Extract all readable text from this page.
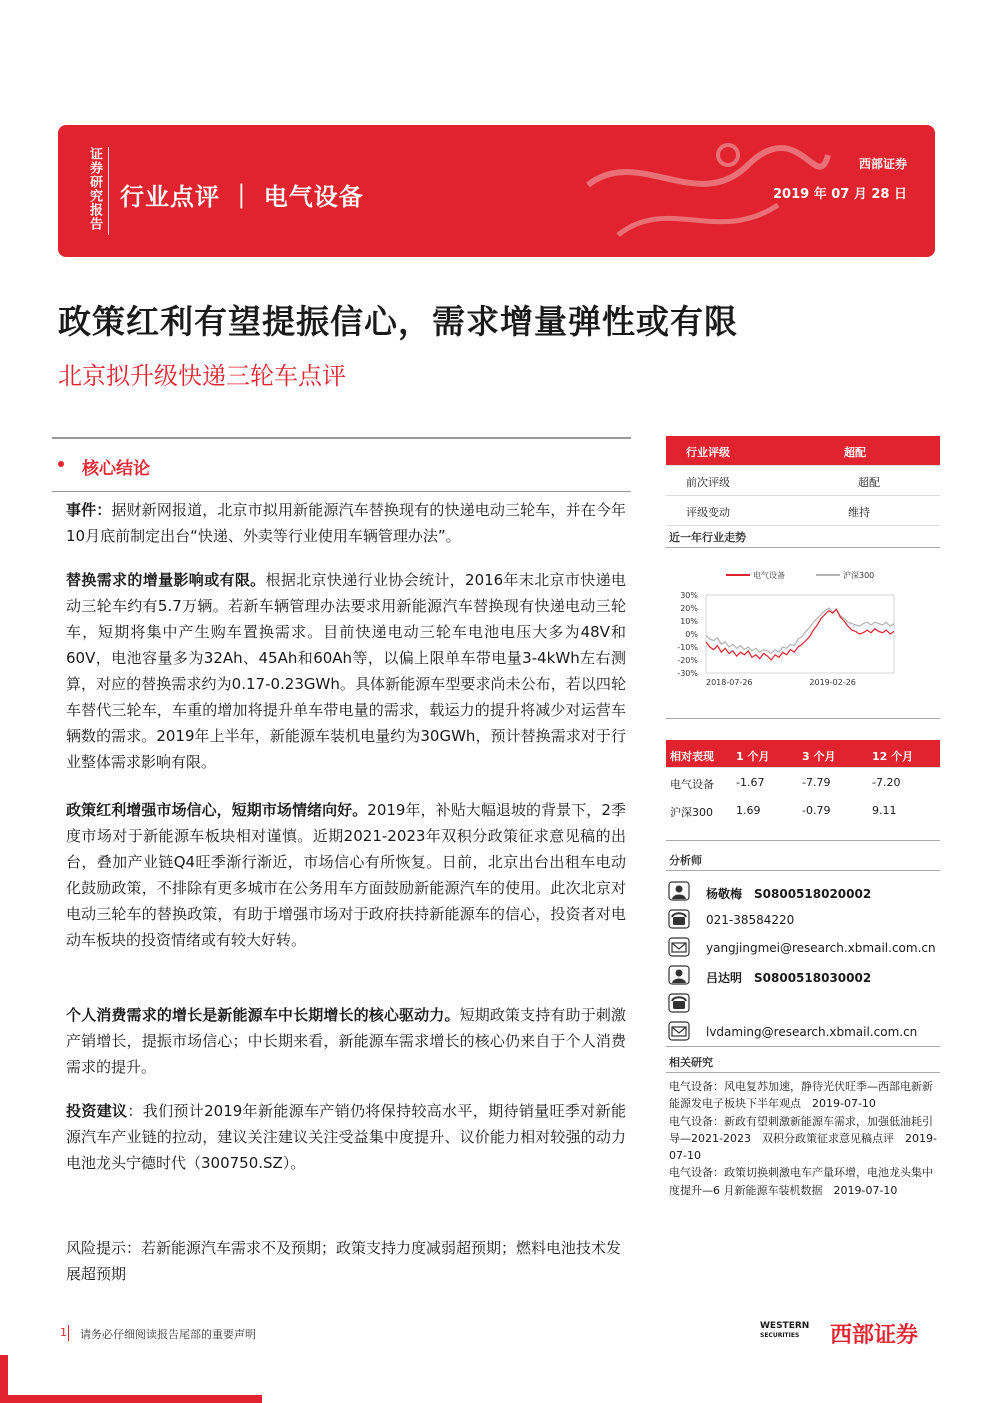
证券研究报告 行业点评 ｜ 电气设备
西部证券
2019 年 07 月 28 日
政策红利有望提振信心，需求增量弹性或有限
北京拟升级快递三轮车点评
核心结论
事件：据财新网报道，北京市拟用新能源汽车替换现有的快递电动三轮车，并在今年10月底前制定出台“快递、外卖等行业使用车辆管理办法”。
替换需求的增量影响或有限。根据北京快递行业协会统计，2016年末北京市快递电动三轮车约有5.7万辆。若新车辆管理办法要求用新能源汽车替换现有快递电动三轮车，短期将集中产生购车置换需求。目前快递电动三轮车电池电压大多为48V和60V，电池容量多为32Ah、45Ah和60Ah等，以偏上限单车带电量3-4kWh左右测算，对应的替换需求约为0.17-0.23GWh。具体新能源车型要求尚未公布，若以四轮车替代三轮车，车重的增加将提升单车带电量的需求，载运力的提升将减少对运营车辆数的需求。2019年上半年，新能源车装机电量约为30GWh，预计替换需求对于行业整体需求影响有限。
政策红利增强市场信心，短期市场情绪向好。2019年，补贴大幅退坡的背景下，2季度市场对于新能源车板块相对谨慎。近期2021-2023年双积分政策征求意见稿的出台，叠加产业链Q4旺季渐行渐近，市场信心有所恢复。日前，北京出台出租车电动化鼓励政策，不排除有更多城市在公务用车方面鼓励新能源汽车的使用。此次北京对电动三轮车的替换政策，有助于增强市场对于政府扶持新能源车的信心，投资者对电动车板块的投资情绪或有较大好转。
个人消费需求的增长是新能源车中长期增长的核心驱动力。短期政策支持有助于刺激产销增长，提振市场信心；中长期来看，新能源车需求增长的核心仍来自于个人消费需求的提升。
投资建议：我们预计2019年新能源车产销仍将保持较高水平，期待销量旺季对新能源汽车产业链的拉动，建议关注建议关注受益集中度提升、议价能力相对较强的动力电池龙头宁德时代（300750.SZ）。
风险提示：若新能源汽车需求不及预期；政策支持力度减弱超预期；燃料电池技术发展超预期
行业评级	超配
前次评级	超配
评级变动	维持
近一年行业走势
电气设备	沪深300
30%
20%
10%
0%
-10%
-20%
-30%
2018-07-26	2019-02-26
相对表现 1 个月	3 个月	12 个月
电气设备 -1.67	-7.79	-7.20
沪深300 1.69	-0.79	9.11
分析师
杨敬梅　S0800518020002
021-38584220
yangjingmei@research.xbmail.com.cn
吕达明　S0800518030002
lvdaming@research.xbmail.com.cn
相关研究
电气设备：风电复苏加速，静待光伏旺季—西部电新新能源发电子板块下半年观点　2019-07-10
电气设备：新政有望刺激新能源车需求，加强低油耗引导—2021-2023　双积分政策征求意见稿点评　2019-07-10
电气设备：政策切换刺激电车产量环增，电池龙头集中度提升—6 月新能源车装机数据　2019-07-10
1 请务必仔细阅读报告尾部的重要声明
WESTERN
SECURITIES	西部证券
